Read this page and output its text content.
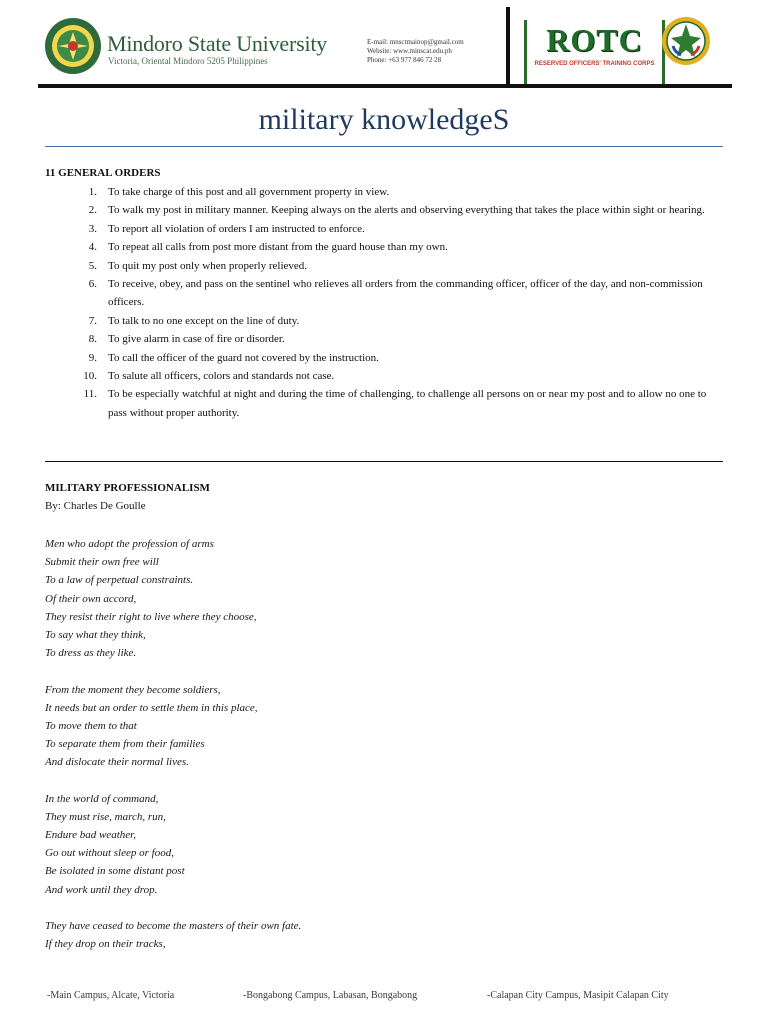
Mindoro State University
Victoria, Oriental Mindoro 5205 Philippines
E-mail: mnsctmainop@gmail.com
Website: www.minscat.edu.ph
Phone: +63 977 846 72 28
ROTC
RESERVED OFFICERS' TRAINING CORPS
military knowledgeS
11 GENERAL ORDERS
1. To take charge of this post and all government property in view.
2. To walk my post in military manner. Keeping always on the alerts and observing everything that takes the place within sight or hearing.
3. To report all violation of orders I am instructed to enforce.
4. To repeat all calls from post more distant from the guard house than my own.
5. To quit my post only when properly relieved.
6. To receive, obey, and pass on the sentinel who relieves all orders from the commanding officer, officer of the day, and non-commission officers.
7. To talk to no one except on the line of duty.
8. To give alarm in case of fire or disorder.
9. To call the officer of the guard not covered by the instruction.
10. To salute all officers, colors and standards not case.
11. To be especially watchful at night and during the time of challenging, to challenge all persons on or near my post and to allow no one to pass without proper authority.
MILITARY PROFESSIONALISM
By: Charles De Goulle
Men who adopt the profession of arms
Submit their own free will
To a law of perpetual constraints.
Of their own accord,
They resist their right to live where they choose,
To say what they think,
To dress as they like.
From the moment they become soldiers,
It needs but an order to settle them in this place,
To move them to that
To separate them from their families
And dislocate their normal lives.
In the world of command,
They must rise, march, run,
Endure bad weather,
Go out without sleep or food,
Be isolated in some distant post
And work until they drop.
They have ceased to become the masters of their own fate.
If they drop on their tracks,
-Main Campus, Alcate, Victoria	-Bongabong Campus, Labasan, Bongabong	-Calapan City Campus, Masipit Calapan City
